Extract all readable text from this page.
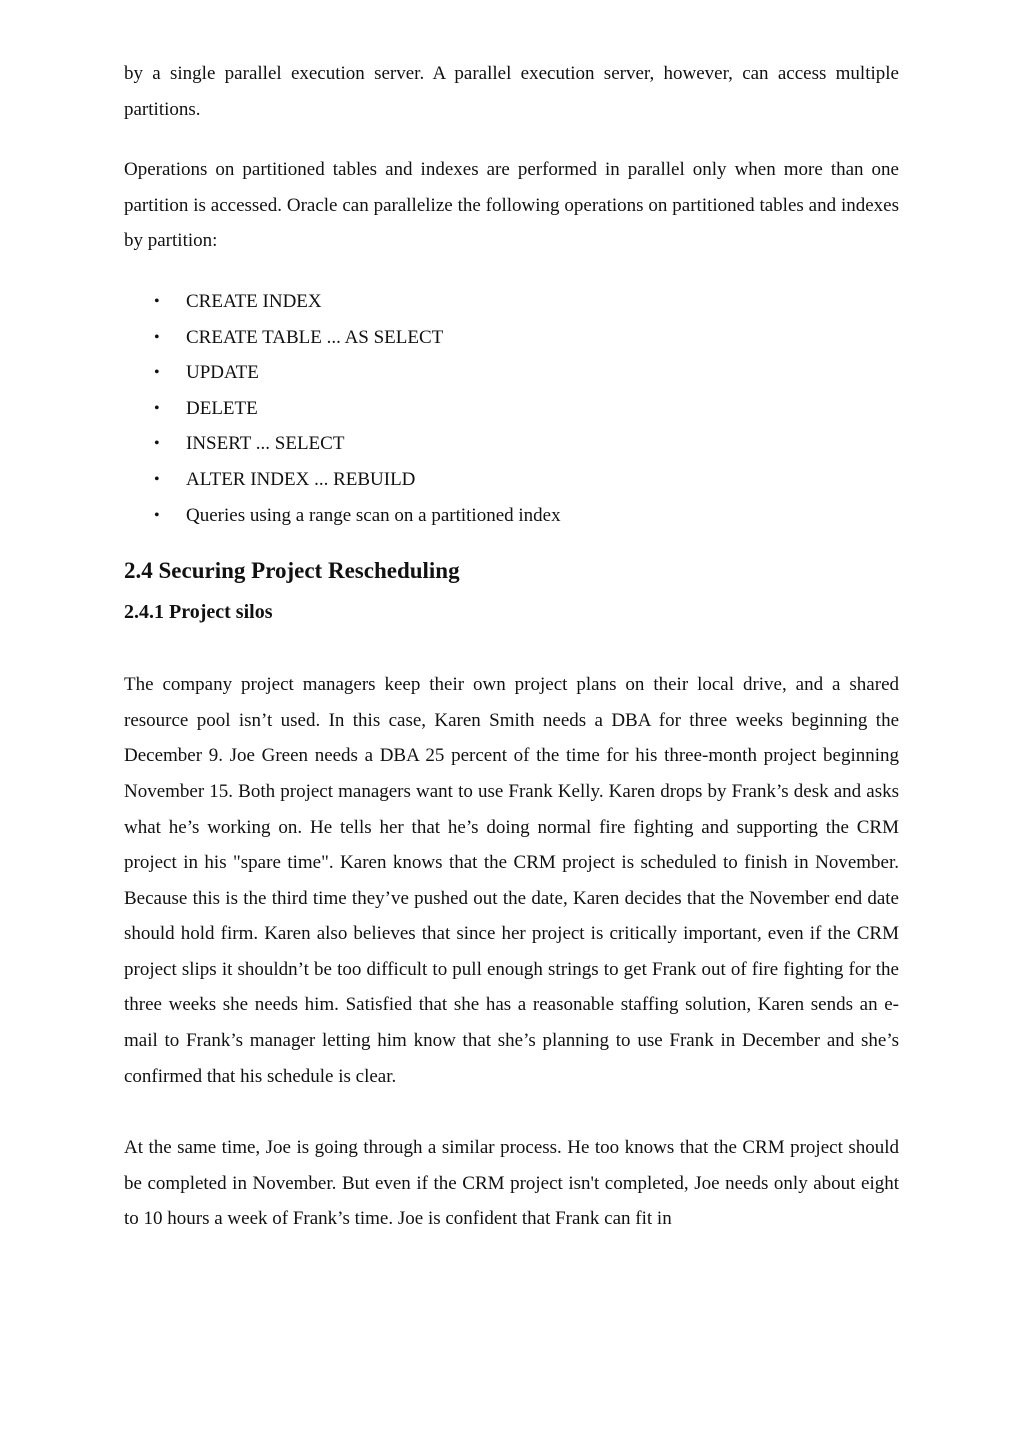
by a single parallel execution server. A parallel execution server, however, can access multiple partitions.

Operations on partitioned tables and indexes are performed in parallel only when more than one partition is accessed. Oracle can parallelize the following operations on partitioned tables and indexes by partition:

• CREATE INDEX
• CREATE TABLE ... AS SELECT
• UPDATE
• DELETE
• INSERT ... SELECT
• ALTER INDEX ... REBUILD
• Queries using a range scan on a partitioned index
2.4 Securing Project Rescheduling
2.4.1 Project silos

The company project managers keep their own project plans on their local drive, and a shared resource pool isn’t used. In this case, Karen Smith needs a DBA for three weeks beginning the December 9. Joe Green needs a DBA 25 percent of the time for his three-month project beginning November 15. Both project managers want to use Frank Kelly. Karen drops by Frank’s desk and asks what he’s working on. He tells her that he’s doing normal fire fighting and supporting the CRM project in his "spare time". Karen knows that the CRM project is scheduled to finish in November. Because this is the third time they’ve pushed out the date, Karen decides that the November end date should hold firm. Karen also believes that since her project is critically important, even if the CRM project slips it shouldn’t be too difficult to pull enough strings to get Frank out of fire fighting for the three weeks she needs him. Satisfied that she has a reasonable staffing solution, Karen sends an e-mail to Frank’s manager letting him know that she’s planning to use Frank in December and she’s confirmed that his schedule is clear.

At the same time, Joe is going through a similar process. He too knows that the CRM project should be completed in November. But even if the CRM project isn't completed, Joe needs only about eight to 10 hours a week of Frank’s time. Joe is confident that Frank can fit in
